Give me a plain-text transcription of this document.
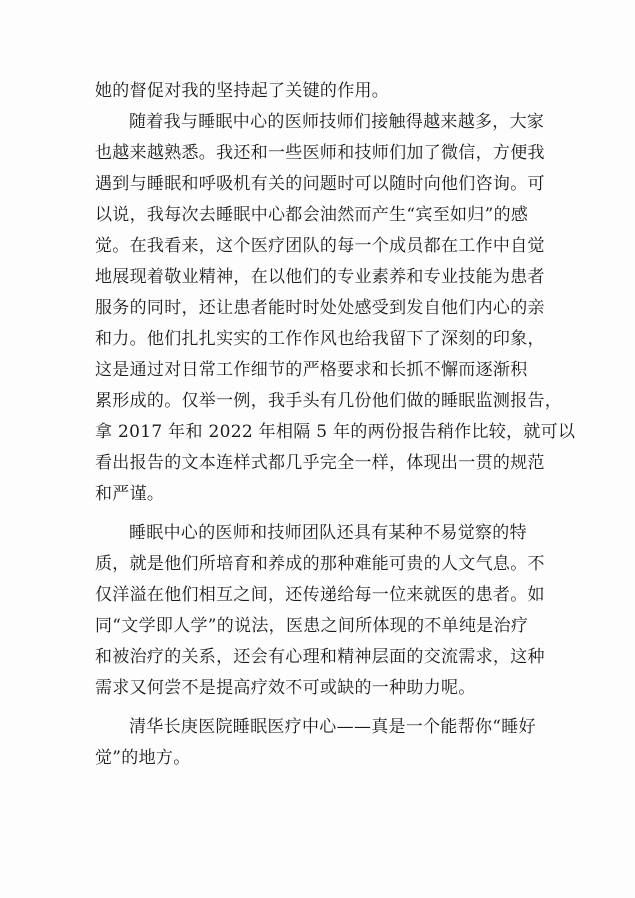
她的督促对我的坚持起了关键的作用。
随着我与睡眠中心的医师技师们接触得越来越多，大家
也越来越熟悉。我还和一些医师和技师们加了微信，方便我
遇到与睡眠和呼吸机有关的问题时可以随时向他们咨询。可
以说，我每次去睡眠中心都会油然而产生“宾至如归”的感
觉。在我看来，这个医疗团队的每一个成员都在工作中自觉
地展现着敬业精神，在以他们的专业素养和专业技能为患者
服务的同时，还让患者能时时处处感受到发自他们内心的亲
和力。他们扎扎实实的工作作风也给我留下了深刻的印象，
这是通过对日常工作细节的严格要求和长抓不懈而逐渐积
累形成的。仅举一例，我手头有几份他们做的睡眠监测报告，
拿 2017 年和 2022 年相隔 5 年的两份报告稍作比较，就可以
看出报告的文本连样式都几乎完全一样，体现出一贯的规范
和严谨。
睡眠中心的医师和技师团队还具有某种不易觉察的特
质，就是他们所培育和养成的那种难能可贵的人文气息。不
仅洋溢在他们相互之间，还传递给每一位来就医的患者。如
同“文学即人学”的说法，医患之间所体现的不单纯是治疗
和被治疗的关系，还会有心理和精神层面的交流需求，这种
需求又何尝不是提高疗效不可或缺的一种助力呢。
清华长庚医院睡眠医疗中心——真是一个能帮你“睡好
觉”的地方。
